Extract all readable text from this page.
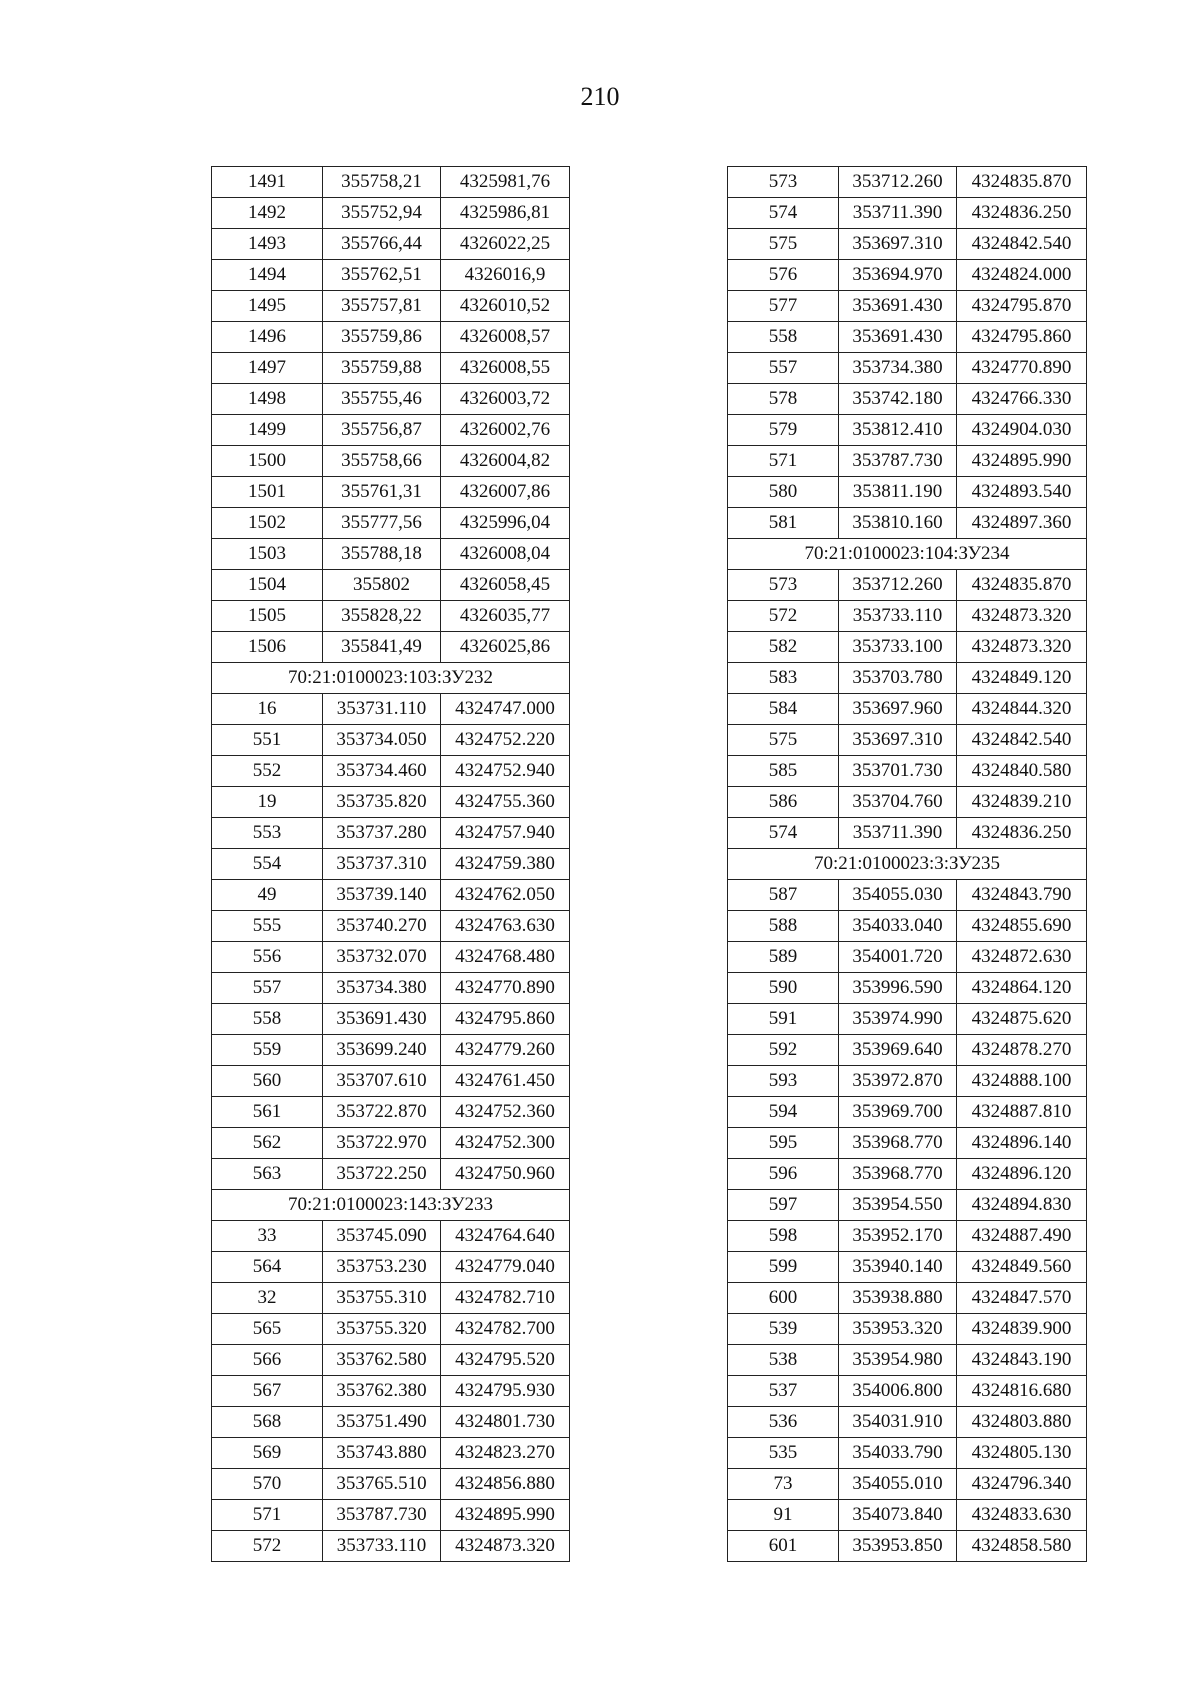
210
1491	355758,21	4325981,76
1492	355752,94	4325986,81
1493	355766,44	4326022,25
1494	355762,51	4326016,9
1495	355757,81	4326010,52
1496	355759,86	4326008,57
1497	355759,88	4326008,55
1498	355755,46	4326003,72
1499	355756,87	4326002,76
1500	355758,66	4326004,82
1501	355761,31	4326007,86
1502	355777,56	4325996,04
1503	355788,18	4326008,04
1504	355802	4326058,45
1505	355828,22	4326035,77
1506	355841,49	4326025,86
70:21:0100023:103:ЗУ232		
16	353731.110	4324747.000
551	353734.050	4324752.220
552	353734.460	4324752.940
19	353735.820	4324755.360
553	353737.280	4324757.940
554	353737.310	4324759.380
49	353739.140	4324762.050
555	353740.270	4324763.630
556	353732.070	4324768.480
557	353734.380	4324770.890
558	353691.430	4324795.860
559	353699.240	4324779.260
560	353707.610	4324761.450
561	353722.870	4324752.360
562	353722.970	4324752.300
563	353722.250	4324750.960
70:21:0100023:143:ЗУ233		
33	353745.090	4324764.640
564	353753.230	4324779.040
32	353755.310	4324782.710
565	353755.320	4324782.700
566	353762.580	4324795.520
567	353762.380	4324795.930
568	353751.490	4324801.730
569	353743.880	4324823.270
570	353765.510	4324856.880
571	353787.730	4324895.990
572	353733.110	4324873.320
573	353712.260	4324835.870
574	353711.390	4324836.250
575	353697.310	4324842.540
576	353694.970	4324824.000
577	353691.430	4324795.870
558	353691.430	4324795.860
557	353734.380	4324770.890
578	353742.180	4324766.330
579	353812.410	4324904.030
571	353787.730	4324895.990
580	353811.190	4324893.540
581	353810.160	4324897.360
70:21:0100023:104:ЗУ234		
573	353712.260	4324835.870
572	353733.110	4324873.320
582	353733.100	4324873.320
583	353703.780	4324849.120
584	353697.960	4324844.320
575	353697.310	4324842.540
585	353701.730	4324840.580
586	353704.760	4324839.210
574	353711.390	4324836.250
70:21:0100023:3:ЗУ235		
587	354055.030	4324843.790
588	354033.040	4324855.690
589	354001.720	4324872.630
590	353996.590	4324864.120
591	353974.990	4324875.620
592	353969.640	4324878.270
593	353972.870	4324888.100
594	353969.700	4324887.810
595	353968.770	4324896.140
596	353968.770	4324896.120
597	353954.550	4324894.830
598	353952.170	4324887.490
599	353940.140	4324849.560
600	353938.880	4324847.570
539	353953.320	4324839.900
538	353954.980	4324843.190
537	354006.800	4324816.680
536	354031.910	4324803.880
535	354033.790	4324805.130
73	354055.010	4324796.340
91	354073.840	4324833.630
601	353953.850	4324858.580
